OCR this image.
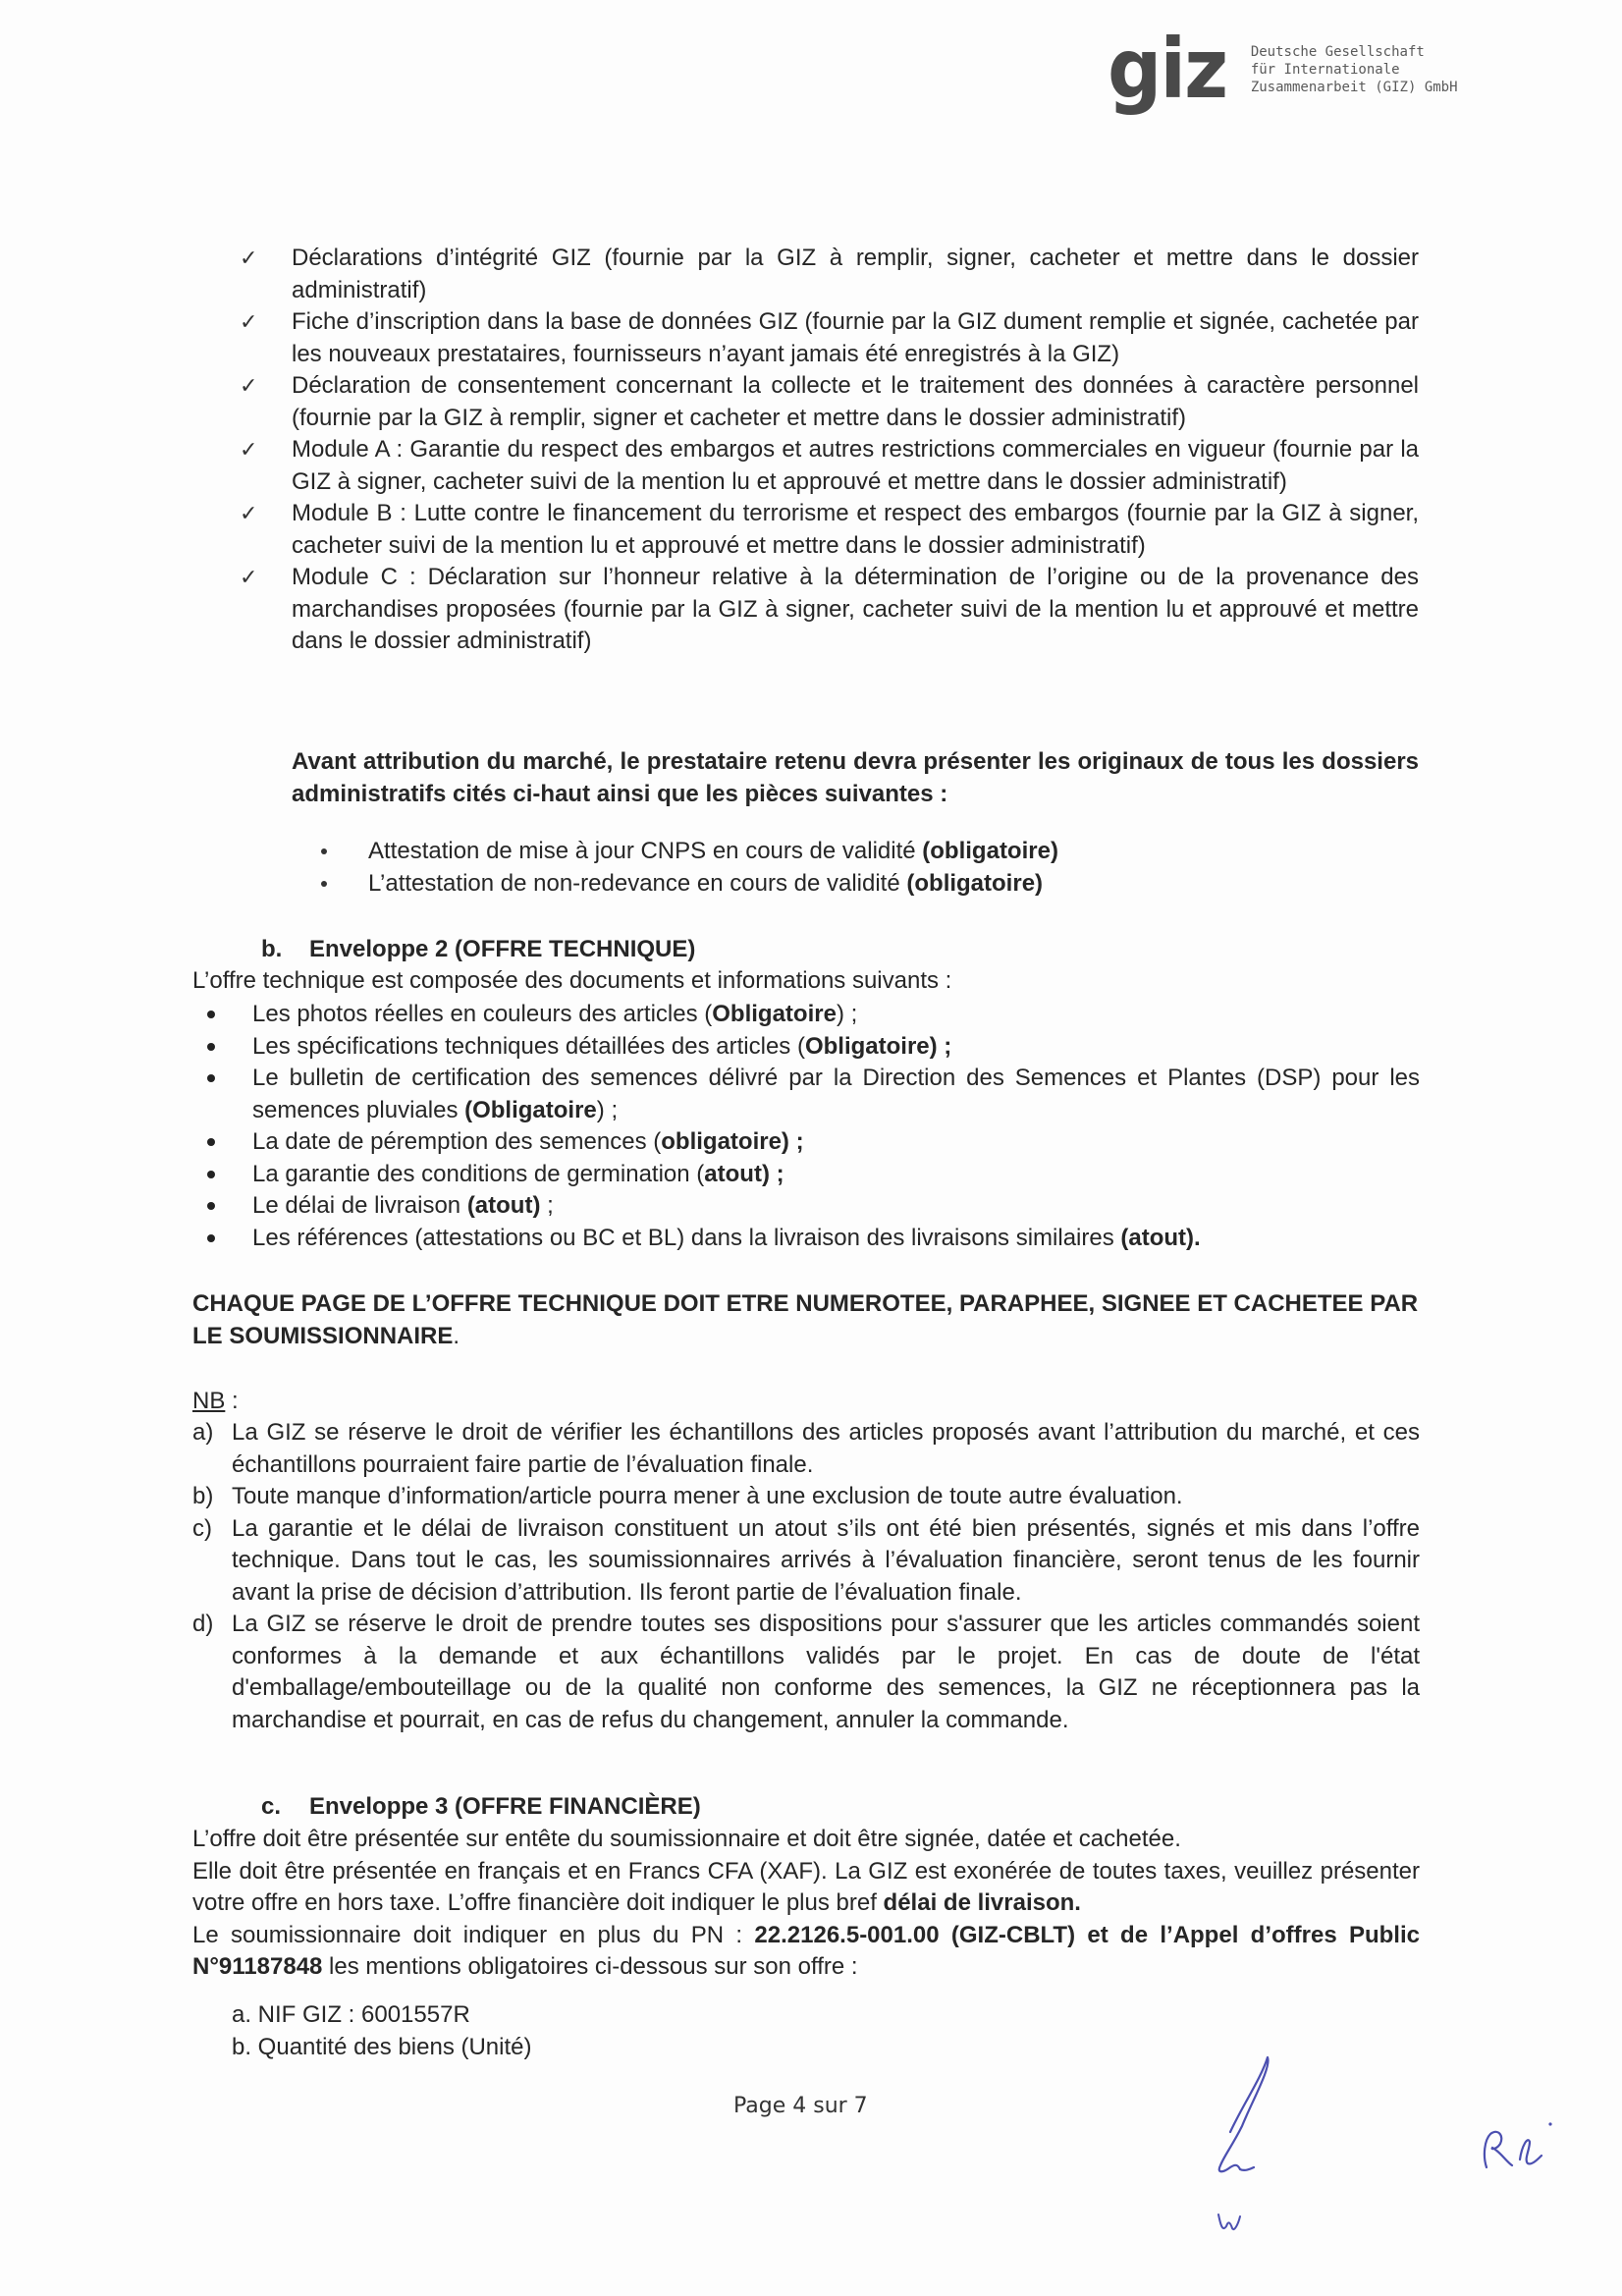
giz Deutsche Gesellschaft
für Internationale
Zusammenarbeit (GIZ) GmbH
✓ Déclarations d’intégrité GIZ (fournie par la GIZ à remplir, signer, cacheter et mettre dans le dossier administratif)
✓ Fiche d’inscription dans la base de données GIZ (fournie par la GIZ dument remplie et signée, cachetée par les nouveaux prestataires, fournisseurs n’ayant jamais été enregistrés à la GIZ)
✓ Déclaration de consentement concernant la collecte et le traitement des données à caractère personnel (fournie par la GIZ à remplir, signer et cacheter et mettre dans le dossier administratif)
✓ Module A : Garantie du respect des embargos et autres restrictions commerciales en vigueur (fournie par la GIZ à signer, cacheter suivi de la mention lu et approuvé et mettre dans le dossier administratif)
✓ Module B : Lutte contre le financement du terrorisme et respect des embargos (fournie par la GIZ à signer, cacheter suivi de la mention lu et approuvé et mettre dans le dossier administratif)
✓ Module C : Déclaration sur l’honneur relative à la détermination de l’origine ou de la provenance des marchandises proposées (fournie par la GIZ à signer, cacheter suivi de la mention lu et approuvé et mettre dans le dossier administratif)
Avant attribution du marché, le prestataire retenu devra présenter les originaux de tous les dossiers administratifs cités ci-haut ainsi que les pièces suivantes :
Attestation de mise à jour CNPS en cours de validité (obligatoire)
L’attestation de non-redevance en cours de validité (obligatoire)
b. Enveloppe 2 (OFFRE TECHNIQUE)
L’offre technique est composée des documents et informations suivants :
Les photos réelles en couleurs des articles (Obligatoire) ;
Les spécifications techniques détaillées des articles (Obligatoire) ;
Le bulletin de certification des semences délivré par la Direction des Semences et Plantes (DSP) pour les semences pluviales (Obligatoire) ;
La date de péremption des semences (obligatoire) ;
La garantie des conditions de germination (atout) ;
Le délai de livraison (atout) ;
Les références (attestations ou BC et BL) dans la livraison des livraisons similaires (atout).
CHAQUE PAGE DE L’OFFRE TECHNIQUE DOIT ETRE NUMEROTEE, PARAPHEE, SIGNEE ET CACHETEE PAR LE SOUMISSIONNAIRE.
NB :
a) La GIZ se réserve le droit de vérifier les échantillons des articles proposés avant l’attribution du marché, et ces échantillons pourraient faire partie de l’évaluation finale.
b) Toute manque d’information/article pourra mener à une exclusion de toute autre évaluation.
c) La garantie et le délai de livraison constituent un atout s’ils ont été bien présentés, signés et mis dans l’offre technique. Dans tout le cas, les soumissionnaires arrivés à l’évaluation financière, seront tenus de les fournir avant la prise de décision d’attribution. Ils feront partie de l’évaluation finale.
d) La GIZ se réserve le droit de prendre toutes ses dispositions pour s'assurer que les articles commandés soient conformes à la demande et aux échantillons validés par le projet. En cas de doute de l'état d'emballage/embouteillage ou de la qualité non conforme des semences, la GIZ ne réceptionnera pas la marchandise et pourrait, en cas de refus du changement, annuler la commande.
c. Enveloppe 3 (OFFRE FINANCIÈRE)
L’offre doit être présentée sur entête du soumissionnaire et doit être signée, datée et cachetée.
Elle doit être présentée en français et en Francs CFA (XAF). La GIZ est exonérée de toutes taxes, veuillez présenter votre offre en hors taxe. L’offre financière doit indiquer le plus bref délai de livraison.
Le soumissionnaire doit indiquer en plus du PN : 22.2126.5-001.00 (GIZ-CBLT) et de l’Appel d’offres Public N°91187848 les mentions obligatoires ci-dessous sur son offre :
a. NIF GIZ : 6001557R
b. Quantité des biens (Unité)
Page 4 sur 7
